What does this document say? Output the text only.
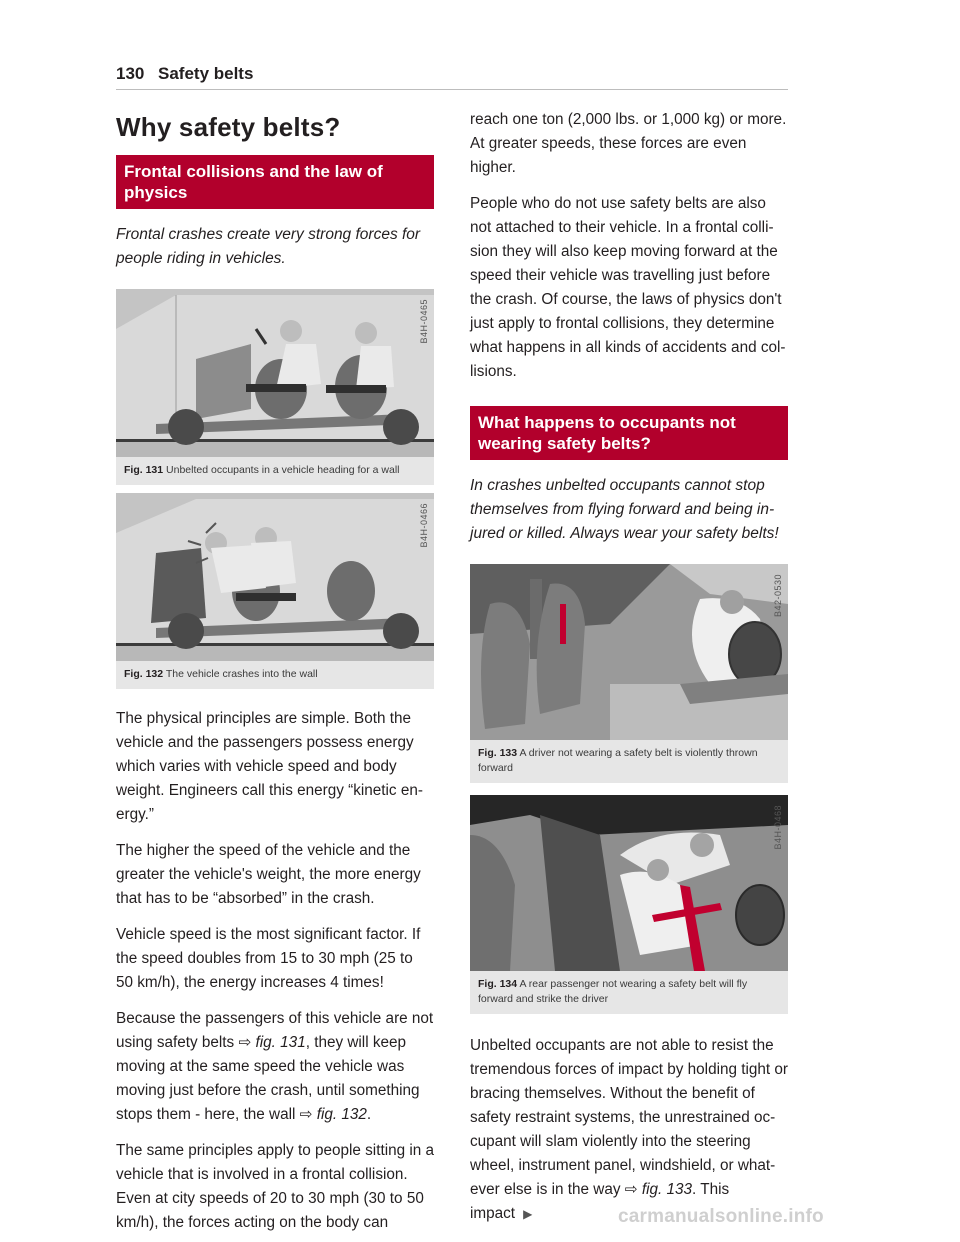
130 Safety belts
Why safety belts?
Frontal collisions and the law of physics
Frontal crashes create very strong forces for people riding in vehicles.
B4H-0465
Fig. 131 Unbelted occupants in a vehicle heading for a wall
B4H-0466
Fig. 132 The vehicle crashes into the wall

The physical principles are simple. Both the vehicle and the passengers possess energy which varies with vehicle speed and body weight. Engineers call this energy “kinetic en-ergy.”

The higher the speed of the vehicle and the greater the vehicle's weight, the more energy that has to be “absorbed” in the crash.

Vehicle speed is the most significant factor. If the speed doubles from 15 to 30 mph (25 to 50 km/h), the energy increases 4 times!

Because the passengers of this vehicle are not using safety belts ⇨ fig. 131, they will keep moving at the same speed the vehicle was moving just before the crash, until something stops them - here, the wall ⇨ fig. 132.

The same principles apply to people sitting in a vehicle that is involved in a frontal collision. Even at city speeds of 20 to 30 mph (30 to 50 km/h), the forces acting on the body can

reach one ton (2,000 lbs. or 1,000 kg) or more. At greater speeds, these forces are even higher.

People who do not use safety belts are also not attached to their vehicle. In a frontal colli-sion they will also keep moving forward at the speed their vehicle was travelling just before the crash. Of course, the laws of physics don't just apply to frontal collisions, they determine what happens in all kinds of accidents and col-lisions.

What happens to occupants not wearing safety belts?
In crashes unbelted occupants cannot stop themselves from flying forward and being in-jured or killed. Always wear your safety belts!
B42-0530
Fig. 133 A driver not wearing a safety belt is violently thrown forward
B4H-0468
Fig. 134 A rear passenger not wearing a safety belt will fly forward and strike the driver

Unbelted occupants are not able to resist the tremendous forces of impact by holding tight or bracing themselves. Without the benefit of safety restraint systems, the unrestrained oc-cupant will slam violently into the steering wheel, instrument panel, windshield, or what-ever else is in the way ⇨ fig. 133. This impact ▶	carmanualsonline.info
